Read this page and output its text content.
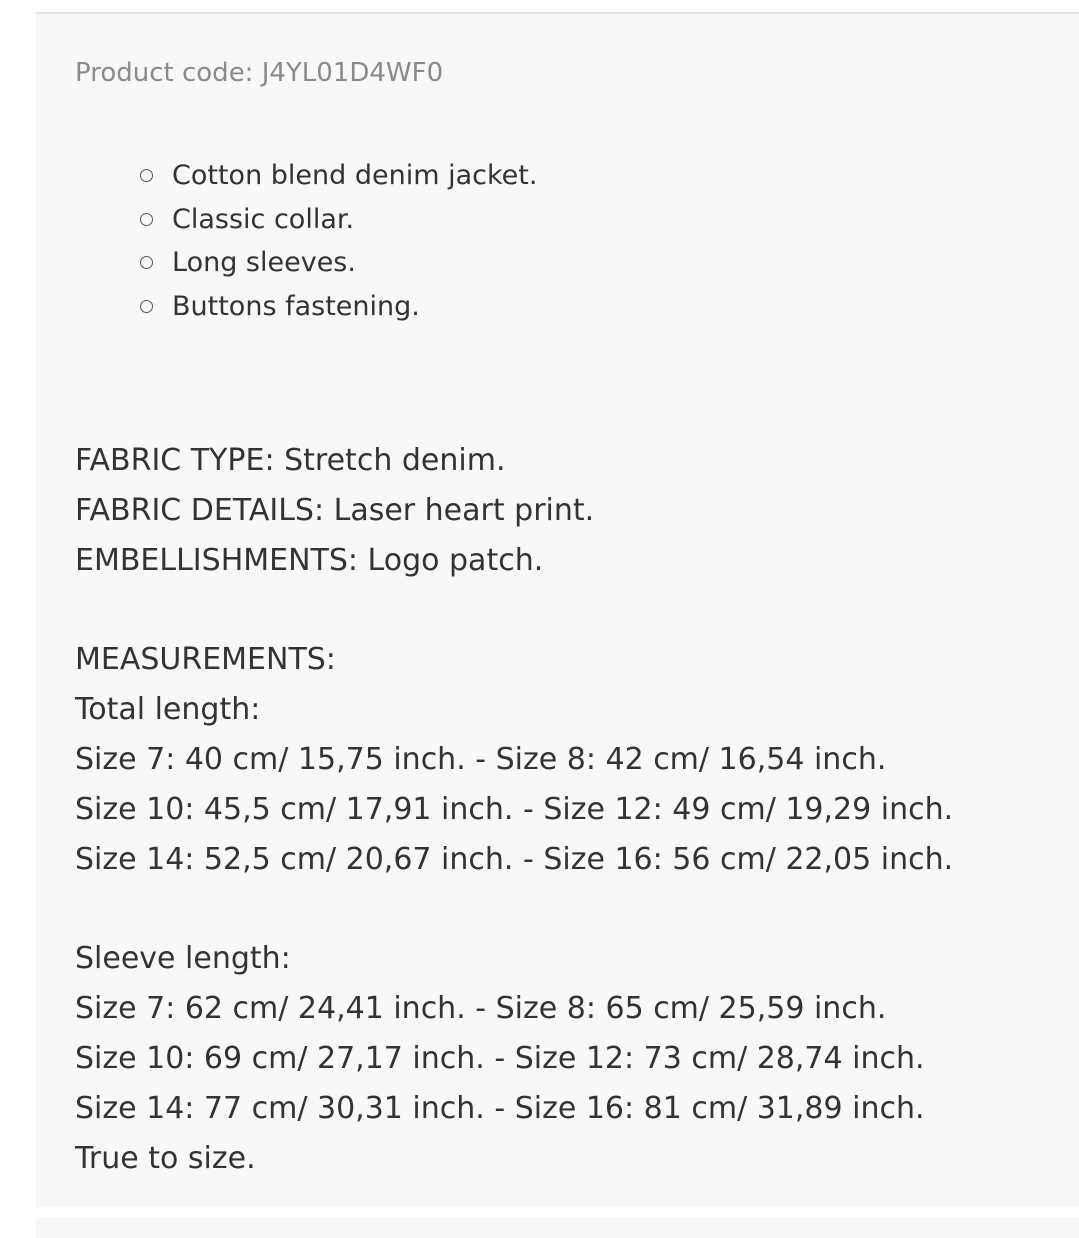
Product code: J4YL01D4WF0
Cotton blend denim jacket.
Classic collar.
Long sleeves.
Buttons fastening.
FABRIC TYPE: Stretch denim.
FABRIC DETAILS: Laser heart print.
EMBELLISHMENTS: Logo patch.
MEASUREMENTS:
Total length:
Size 7: 40 cm/ 15,75 inch. - Size 8: 42 cm/ 16,54 inch.
Size 10: 45,5 cm/ 17,91 inch. - Size 12: 49 cm/ 19,29 inch.
Size 14: 52,5 cm/ 20,67 inch. - Size 16: 56 cm/ 22,05 inch.
Sleeve length:
Size 7: 62 cm/ 24,41 inch. - Size 8: 65 cm/ 25,59 inch.
Size 10: 69 cm/ 27,17 inch. - Size 12: 73 cm/ 28,74 inch.
Size 14: 77 cm/ 30,31 inch. - Size 16: 81 cm/ 31,89 inch.
True to size.
